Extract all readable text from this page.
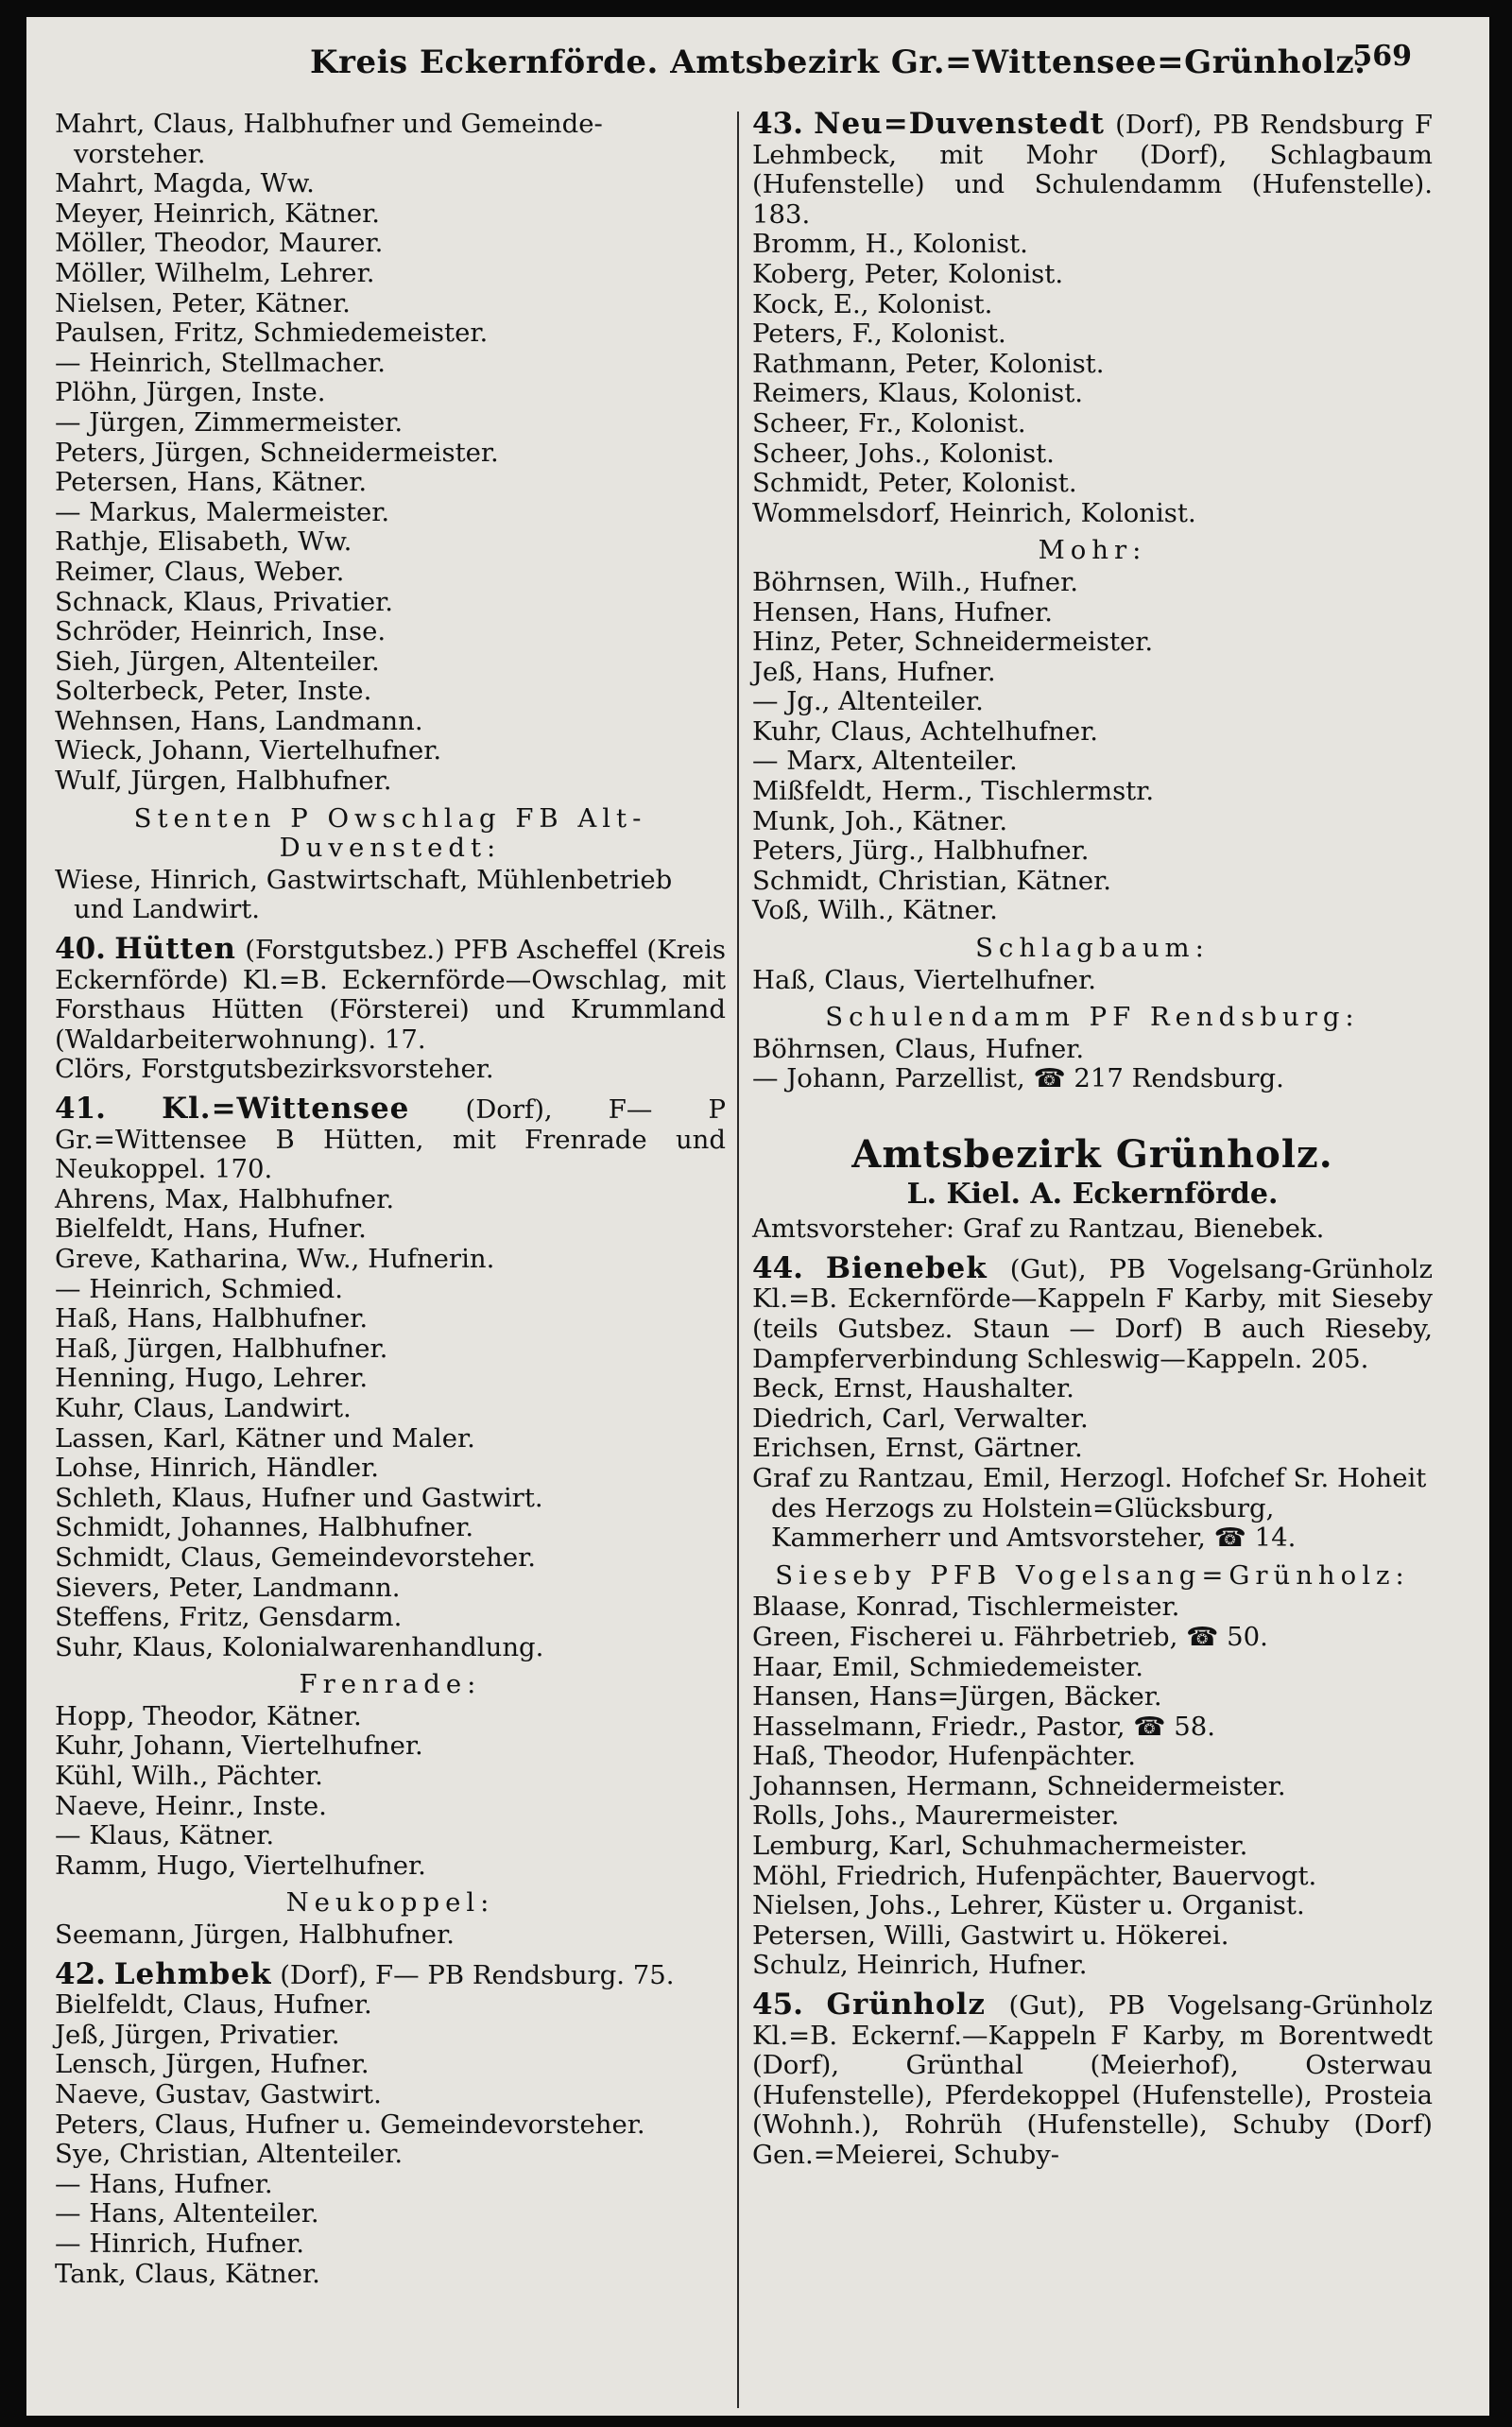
Kreis Eckernförde. Amtsbezirk Gr.=Wittensee=Grünholz.
569
Mahrt, Claus, Halbhufner und Gemeinde-vorsteher.
Mahrt, Magda, Ww.
Meyer, Heinrich, Kätner.
Möller, Theodor, Maurer.
Möller, Wilhelm, Lehrer.
Nielsen, Peter, Kätner.
Paulsen, Fritz, Schmiedemeister.
— Heinrich, Stellmacher.
Plöhn, Jürgen, Inste.
— Jürgen, Zimmermeister.
Peters, Jürgen, Schneidermeister.
Petersen, Hans, Kätner.
— Markus, Malermeister.
Rathje, Elisabeth, Ww.
Reimer, Claus, Weber.
Schnack, Klaus, Privatier.
Schröder, Heinrich, Inse.
Sieh, Jürgen, Altenteiler.
Solterbeck, Peter, Inste.
Wehnsen, Hans, Landmann.
Wieck, Johann, Viertelhufner.
Wulf, Jürgen, Halbhufner.
Stenten P Owschlag FB Alt-Duvenstedt:
Wiese, Hinrich, Gastwirtschaft, Mühlenbetrieb und Landwirt.
40. Hütten (Forstgutsbez.) PFB Ascheffel (Kreis Eckernförde) Kl.=B. Eckernförde—Owschlag, mit Forsthaus Hütten (Försterei) und Krummland (Waldarbeiterwohnung). 17.
Clörs, Forstgutsbezirksvorsteher.
41. Kl.=Wittensee (Dorf), F— P Gr.=Wittensee B Hütten, mit Frenrade und Neukoppel. 170.
Ahrens, Max, Halbhufner.
Bielfeldt, Hans, Hufner.
Greve, Katharina, Ww., Hufnerin.
— Heinrich, Schmied.
Haß, Hans, Halbhufner.
Haß, Jürgen, Halbhufner.
Henning, Hugo, Lehrer.
Kuhr, Claus, Landwirt.
Lassen, Karl, Kätner und Maler.
Lohse, Hinrich, Händler.
Schleth, Klaus, Hufner und Gastwirt.
Schmidt, Johannes, Halbhufner.
Schmidt, Claus, Gemeindevorsteher.
Sievers, Peter, Landmann.
Steffens, Fritz, Gensdarm.
Suhr, Klaus, Kolonialwarenhandlung.
Frenrade:
Hopp, Theodor, Kätner.
Kuhr, Johann, Viertelhufner.
Kühl, Wilh., Pächter.
Naeve, Heinr., Inste.
— Klaus, Kätner.
Ramm, Hugo, Viertelhufner.
Neukoppel:
Seemann, Jürgen, Halbhufner.
42. Lehmbek (Dorf), F— PB Rendsburg. 75.
Bielfeldt, Claus, Hufner.
Jeß, Jürgen, Privatier.
Lensch, Jürgen, Hufner.
Naeve, Gustav, Gastwirt.
Peters, Claus, Hufner u. Gemeindevorsteher.
Sye, Christian, Altenteiler.
— Hans, Hufner.
— Hans, Altenteiler.
— Hinrich, Hufner.
Tank, Claus, Kätner.
43. Neu=Duvenstedt (Dorf), PB Rendsburg F Lehmbeck, mit Mohr (Dorf), Schlagbaum (Hufenstelle) und Schulendamm (Hufenstelle). 183.
Bromm, H., Kolonist.
Koberg, Peter, Kolonist.
Kock, E., Kolonist.
Peters, F., Kolonist.
Rathmann, Peter, Kolonist.
Reimers, Klaus, Kolonist.
Scheer, Fr., Kolonist.
Scheer, Johs., Kolonist.
Schmidt, Peter, Kolonist.
Wommelsdorf, Heinrich, Kolonist.
Mohr:
Böhrnsen, Wilh., Hufner.
Hensen, Hans, Hufner.
Hinz, Peter, Schneidermeister.
Jeß, Hans, Hufner.
— Jg., Altenteiler.
Kuhr, Claus, Achtelhufner.
— Marx, Altenteiler.
Mißfeldt, Herm., Tischlermstr.
Munk, Joh., Kätner.
Peters, Jürg., Halbhufner.
Schmidt, Christian, Kätner.
Voß, Wilh., Kätner.
Schlagbaum:
Haß, Claus, Viertelhufner.
Schulendamm PF Rendsburg:
Böhrnsen, Claus, Hufner.
— Johann, Parzellist, ☎ 217 Rendsburg.
Amtsbezirk Grünholz.
L. Kiel. A. Eckernförde.
Amtsvorsteher: Graf zu Rantzau, Bienebek.
44. Bienebek (Gut), PB Vogelsang-Grünholz Kl.=B. Eckernförde—Kappeln F Karby, mit Sieseby (teils Gutsbez. Staun — Dorf) B auch Rieseby, Dampferverbindung Schleswig—Kappeln. 205.
Beck, Ernst, Haushalter.
Diedrich, Carl, Verwalter.
Erichsen, Ernst, Gärtner.
Graf zu Rantzau, Emil, Herzogl. Hofchef Sr. Hoheit des Herzogs zu Holstein=Glücksburg, Kammerherr und Amtsvorsteher, ☎ 14.
Sieseby PFB Vogelsang=Grünholz:
Blaase, Konrad, Tischlermeister.
Green, Fischerei u. Fährbetrieb, ☎ 50.
Haar, Emil, Schmiedemeister.
Hansen, Hans=Jürgen, Bäcker.
Hasselmann, Friedr., Pastor, ☎ 58.
Haß, Theodor, Hufenpächter.
Johannsen, Hermann, Schneidermeister.
Rolls, Johs., Maurermeister.
Lemburg, Karl, Schuhmachermeister.
Möhl, Friedrich, Hufenpächter, Bauervogt.
Nielsen, Johs., Lehrer, Küster u. Organist.
Petersen, Willi, Gastwirt u. Hökerei.
Schulz, Heinrich, Hufner.
45. Grünholz (Gut), PB Vogelsang-Grünholz Kl.=B. Eckernf.—Kappeln F Karby, m Borentwedt (Dorf), Grünthal (Meierhof), Osterwau (Hufenstelle), Pferdekoppel (Hufenstelle), Prosteia (Wohnh.), Rohrüh (Hufenstelle), Schuby (Dorf) Gen.=Meierei, Schuby-
